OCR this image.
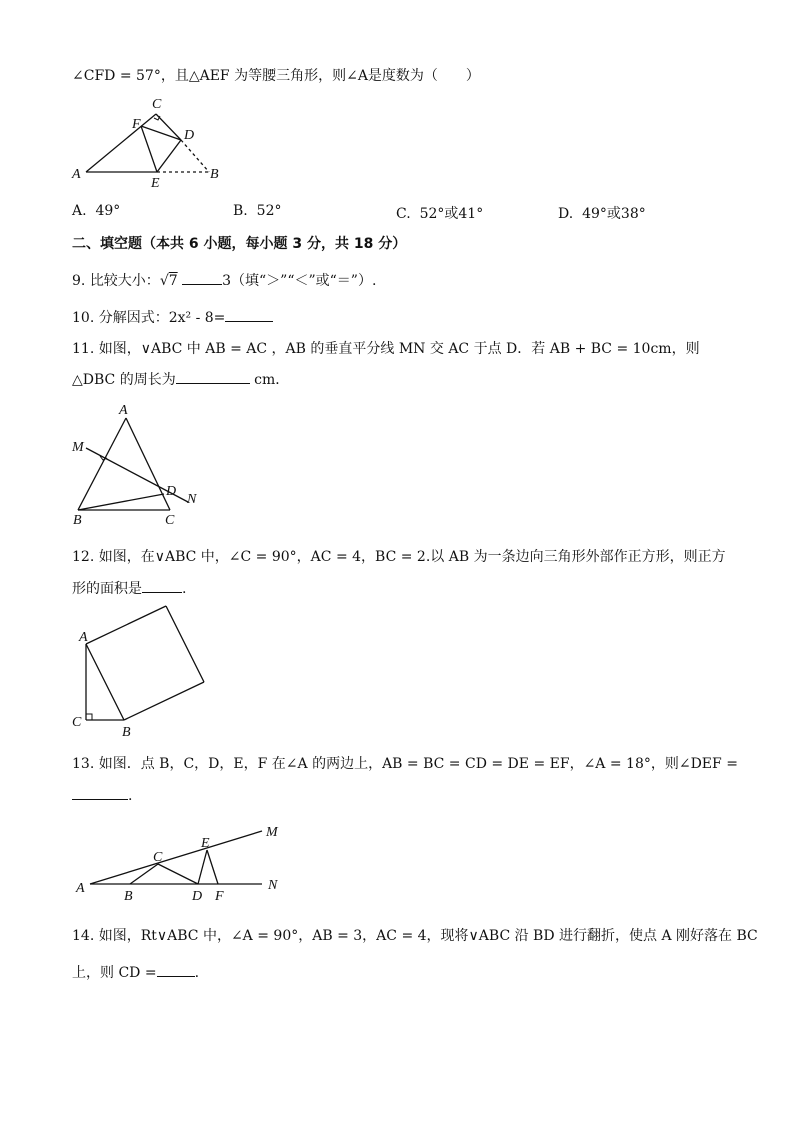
∠CFD = 57°，且△AEF 为等腰三角形，则∠A是度数为（　　）
C
F
D
A
E
B
A. 49°	B. 52°	C. 52°或41°	D. 49°或38°
二、填空题（本共 6 小题，每小题 3 分，共 18 分）
9. 比较大小：√7	3（填“＞”“＜”或“＝”）.
10. 分解因式：2x² - 8=
11. 如图，∨ABC 中 AB = AC ，AB 的垂直平分线 MN 交 AC 于点 D．若 AB + BC = 10cm，则
△DBC 的周长为	cm．
A
M
D
N
B	C
12. 如图，在∨ABC 中，∠C = 90°，AC = 4，BC = 2.以 AB 为一条边向三角形外部作正方形，则正方
形的面积是	.
A
C
B
13. 如图．点 B，C，D，E，F 在∠A 的两边上，AB = BC = CD = DE = EF，∠A = 18°，则∠DEF =
.
A
B
C
D
E
F
M
N
14. 如图，Rt∨ABC 中，∠A = 90°，AB = 3，AC = 4，现将∨ABC 沿 BD 进行翻折，使点 A 刚好落在 BC
上，则 CD =	.
